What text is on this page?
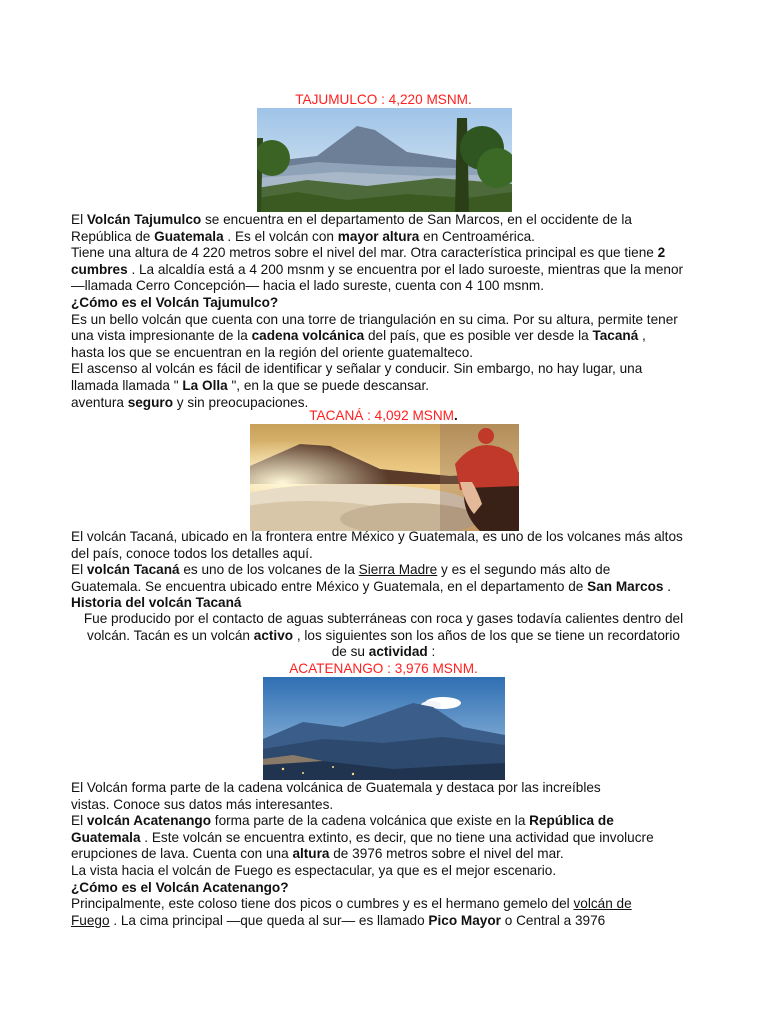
TAJUMULCO : 4,220 MSNM.
El Volcán Tajumulco se encuentra en el departamento de San Marcos, en el occidente de la
República de Guatemala . Es el volcán con mayor altura en Centroamérica.
Tiene una altura de 4 220 metros sobre el nivel del mar. Otra característica principal es que tiene 2
cumbres . La alcaldía está a 4 200 msnm y se encuentra por el lado suroeste, mientras que la menor
—llamada Cerro Concepción— hacia el lado sureste, cuenta con 4 100 msnm.
¿Cómo es el Volcán Tajumulco?
Es un bello volcán que cuenta con una torre de triangulación en su cima. Por su altura, permite tener
una vista impresionante de la cadena volcánica del país, que es posible ver desde la Tacaná ,
hasta los que se encuentran en la región del oriente guatemalteco.
El ascenso al volcán es fácil de identificar y señalar y conducir. Sin embargo, no hay lugar, una
llamada llamada " La Olla ", en la que se puede descansar.
aventura seguro y sin preocupaciones.
TACANÁ : 4,092 MSNM.
El volcán Tacaná, ubicado en la frontera entre México y Guatemala, es uno de los volcanes más altos
del país, conoce todos los detalles aquí.
El volcán Tacaná es uno de los volcanes de la Sierra Madre y es el segundo más alto de
Guatemala. Se encuentra ubicado entre México y Guatemala, en el departamento de San Marcos .
Historia del volcán Tacaná
Fue producido por el contacto de aguas subterráneas con roca y gases todavía calientes dentro del
volcán. Tacán es un volcán activo , los siguientes son los años de los que se tiene un recordatorio
de su actividad :
ACATENANGO : 3,976 MSNM.
El Volcán forma parte de la cadena volcánica de Guatemala y destaca por las increíbles
vistas. Conoce sus datos más interesantes.
El volcán Acatenango forma parte de la cadena volcánica que existe en la República de
Guatemala . Este volcán se encuentra extinto, es decir, que no tiene una actividad que involucre
erupciones de lava. Cuenta con una altura de 3976 metros sobre el nivel del mar.
La vista hacia el volcán de Fuego es espectacular, ya que es el mejor escenario.
¿Cómo es el Volcán Acatenango?
Principalmente, este coloso tiene dos picos o cumbres y es el hermano gemelo del volcán de
Fuego . La cima principal —que queda al sur— es llamado Pico Mayor o Central a 3976
